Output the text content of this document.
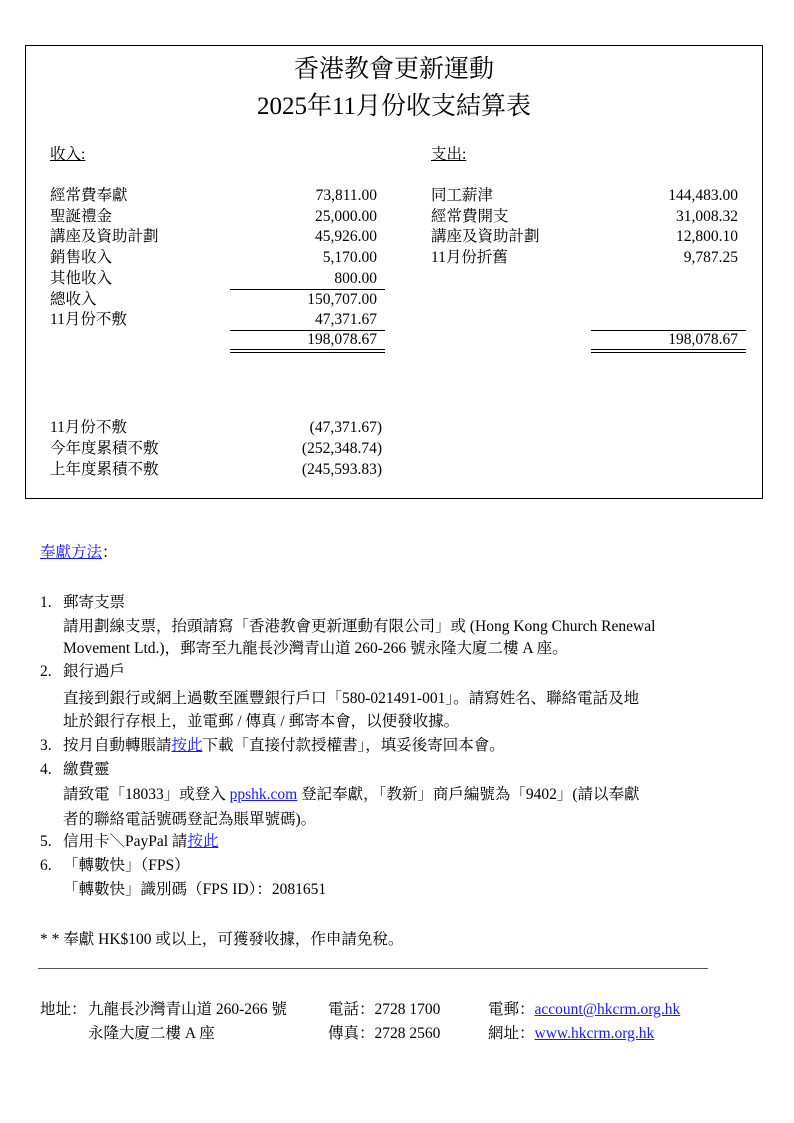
香港教會更新運動
2025年11月份收支結算表
收入:	支出:
198,078.67	198,078.67
奉獻方法：
1. 郵寄支票
請用劃線支票，抬頭請寫「香港教會更新運動有限公司」或 (Hong Kong Church Renewal
Movement Ltd.)，郵寄至九龍長沙灣青山道 260-266 號永隆大廈二樓 A 座。
2. 銀行過戶
直接到銀行或網上過數至匯豐銀行戶口「580-021491-001」。請寫姓名、聯絡電話及地
址於銀行存根上，並電郵 / 傳真 / 郵寄本會，以便發收據。
3. 按月自動轉賬請按此下載「直接付款授權書」，填妥後寄回本會。
4. 繳費靈
請致電「18033」或登入 ppshk.com 登記奉獻，「教新」商戶編號為「9402」(請以奉獻
者的聯絡電話號碼登記為賬單號碼)。
5. 信用卡＼PayPal 請按此
6. 「轉數快」（FPS）
「轉數快」識別碼（FPS ID）：2081651
* * 奉獻 HK$100 或以上，可獲發收據，作申請免稅。
地址： 九龍長沙灣青山道 260-266 號
永隆大廈二樓 A 座
電話：2728 1700
傳真：2728 2560
電郵：account@hkcrm.org.hk
網址：www.hkcrm.org.hk
經常費奉獻	73,811.00
聖誕禮金	25,000.00
講座及資助計劃	45,926.00
銷售收入	5,170.00
其他收入	800.00
總收入	150,707.00
11月份不敷	47,371.67
同工薪津	144,483.00
經常費開支	31,008.32
講座及資助計劃	12,800.10
11月份折舊	9,787.25
11月份不敷	(47,371.67)
今年度累積不敷	(252,348.74)
上年度累積不敷	(245,593.83)
